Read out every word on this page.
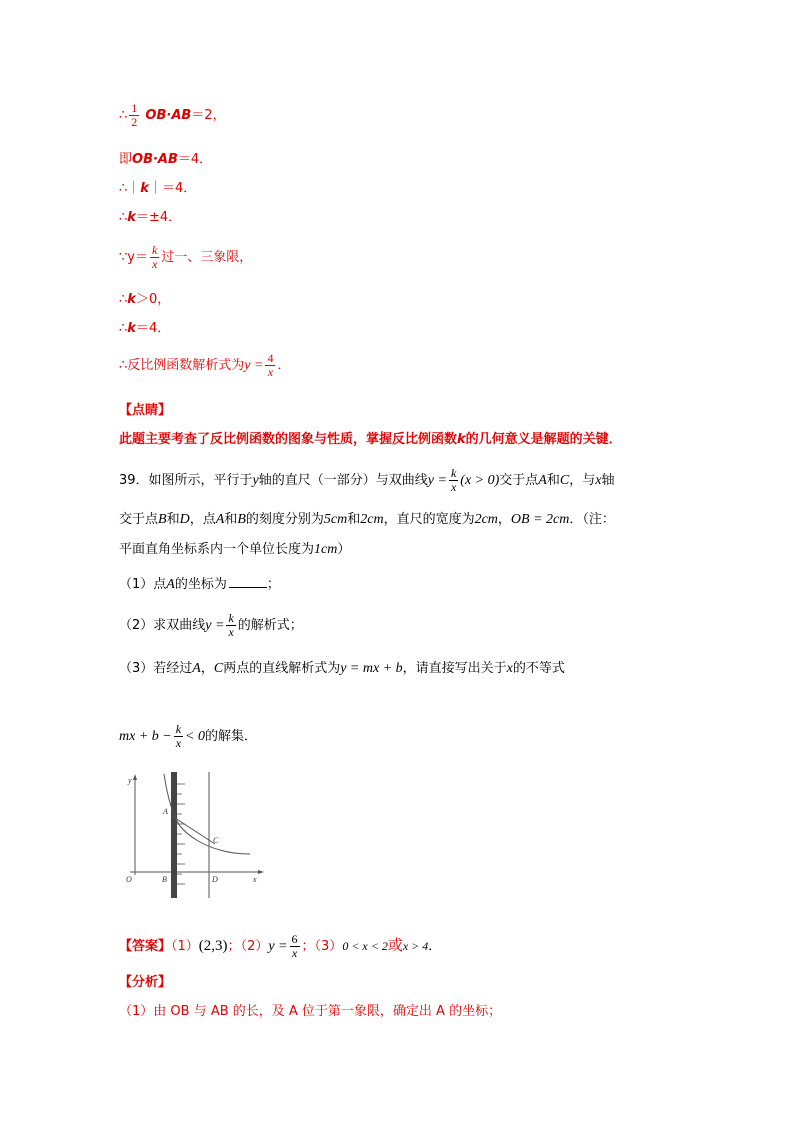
∴ $\frac{1}{2} OB\cdot AB=2$，
即OB·AB＝4．
∴｜k｜＝4．
∴k＝±4．
∵y＝ $\frac{k}{x}$ 过一、三象限，
∴k＞0，
∴k＝4．
∴反比例函数解析式为$y = \frac{4}{x}$ ．
【点睛】
此题主要考查了反比例函数的图象与性质，掌握反比例函数k的几何意义是解题的关键．
39．如图所示，平行于y轴的直尺（一部分）与双曲线$y = \frac{k}{x} (x > 0)$交于点A和C，与x轴
交于点B和D，点A和B的刻度分别为5cm和2cm，直尺的宽度为2cm，OB = 2cm．（注：
平面直角坐标系内一个单位长度为1cm）
（1）点A的坐标为	；
（2）求双曲线$y = \frac{k}{x}$ 的解析式；
（3）若经过A，C两点的直线解析式为y = mx + b，请直接写出关于x的不等式
mx + $b - \frac{k}{x} < 0$的解集．
y
x
O	B	D
A
C
【答案】（1）(2,3)；$(2)y = \frac{6}{x}$ ；（3）0 < x < 2或x > 4．
【分析】
（1）由 OB 与 AB 的长，及 A 位于第一象限，确定出 A 的坐标；
